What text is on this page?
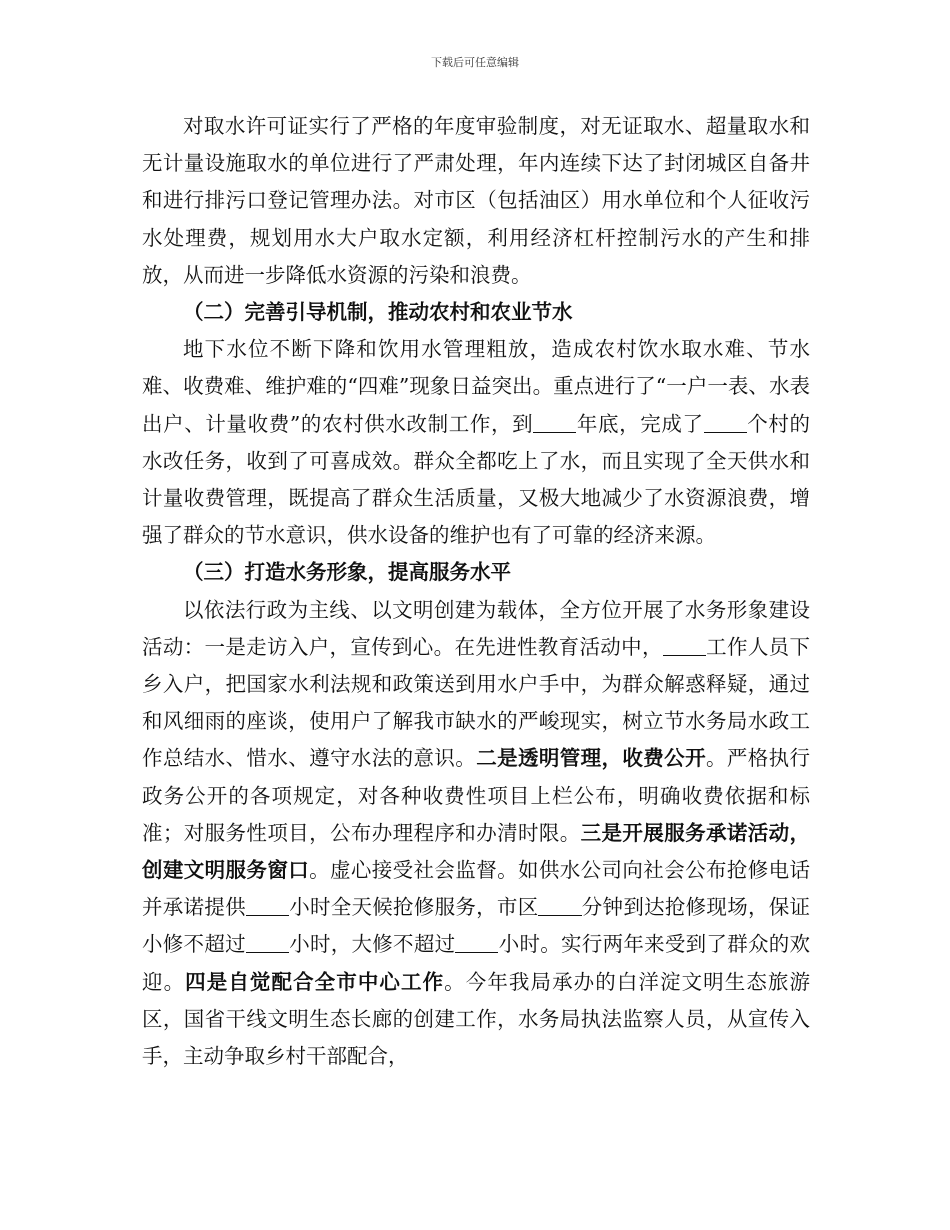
下载后可任意编辑

对取水许可证实行了严格的年度审验制度，对无证取水、超量取水和无计量设施取水的单位进行了严肃处理，年内连续下达了封闭城区自备井和进行排污口登记管理办法。对市区（包括油区）用水单位和个人征收污水处理费，规划用水大户取水定额，利用经济杠杆控制污水的产生和排放，从而进一步降低水资源的污染和浪费。

（二）完善引导机制，推动农村和农业节水

地下水位不断下降和饮用水管理粗放，造成农村饮水取水难、节水难、收费难、维护难的“四难”现象日益突出。重点进行了“一户一表、水表出户、计量收费”的农村供水改制工作，到 年底，完成了 个村的水改任务，收到了可喜成效。群众全都吃上了水，而且实现了全天供水和计量收费管理，既提高了群众生活质量，又极大地减少了水资源浪费，增强了群众的节水意识，供水设备的维护也有了可靠的经济来源。

（三）打造水务形象，提高服务水平

以依法行政为主线、以文明创建为载体，全方位开展了水务形象建设活动：一是走访入户，宣传到心。在先进性教育活动中， 工作人员下乡入户，把国家水利法规和政策送到用水户手中，为群众解惑释疑，通过和风细雨的座谈，使用户了解我市缺水的严峻现实，树立节水务局水政工作总结水、惜水、遵守水法的意识。二是透明管理，收费公开。严格执行政务公开的各项规定，对各种收费性项目上栏公布，明确收费依据和标准；对服务性项目，公布办理程序和办清时限。三是开展服务承诺活动，创建文明服务窗口。虚心接受社会监督。如供水公司向社会公布抢修电话并承诺提供 小时全天候抢修服务，市区 分钟到达抢修现场，保证小修不超过 小时，大修不超过 小时。实行两年来受到了群众的欢迎。四是自觉配合全市中心工作。今年我局承办的白洋淀文明生态旅游区，国省干线文明生态长廊的创建工作，水务局执法监察人员，从宣传入手，主动争取乡村干部配合，
